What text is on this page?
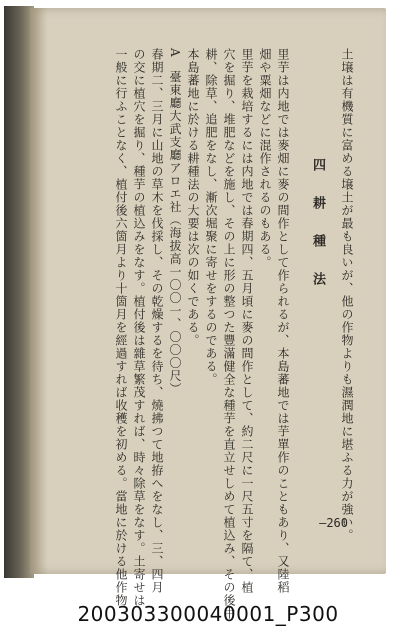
土壌は有機質に富める壌土が最も良いが、他の作物よりも濕潤地に堪ふる力が強い。
四　耕　種　法
里芋は内地では麥畑に麥の間作として作られるが、本島蕃地では芋單作のこともあり、又陸稻
畑や粟畑などに混作されるのもある。
里芋を栽培するには内地では春期四、五月頃に麥の間作として、約二尺に一尺五寸を隔て、植
穴を掘り、堆肥などを施し、その上に形の整つた豐滿健全な種芋を直立せしめて植込み、その後中
耕、除草、追肥をなし、漸次堀聚に寄せをするのである。
本島蕃地に於ける耕種法の大要は次の如くである。
A　臺東廳大武支廳アロエ社（海拔高一〇〇一、〇〇〇尺）
春期二、三月に山地の草木を伐採し、その乾燥するを待ち、燒拂つて地拵へをなし、三、四月
の交に植穴を掘り、種芋の植込みをなす。植付後は雜草繁茂すれば、時々除草をなす。土寄せは
一般に行ふことなく、植付後六箇月より十箇月を經過すれば收穫を初める。當地に於ける他作物	―260
200303300040001_P300
